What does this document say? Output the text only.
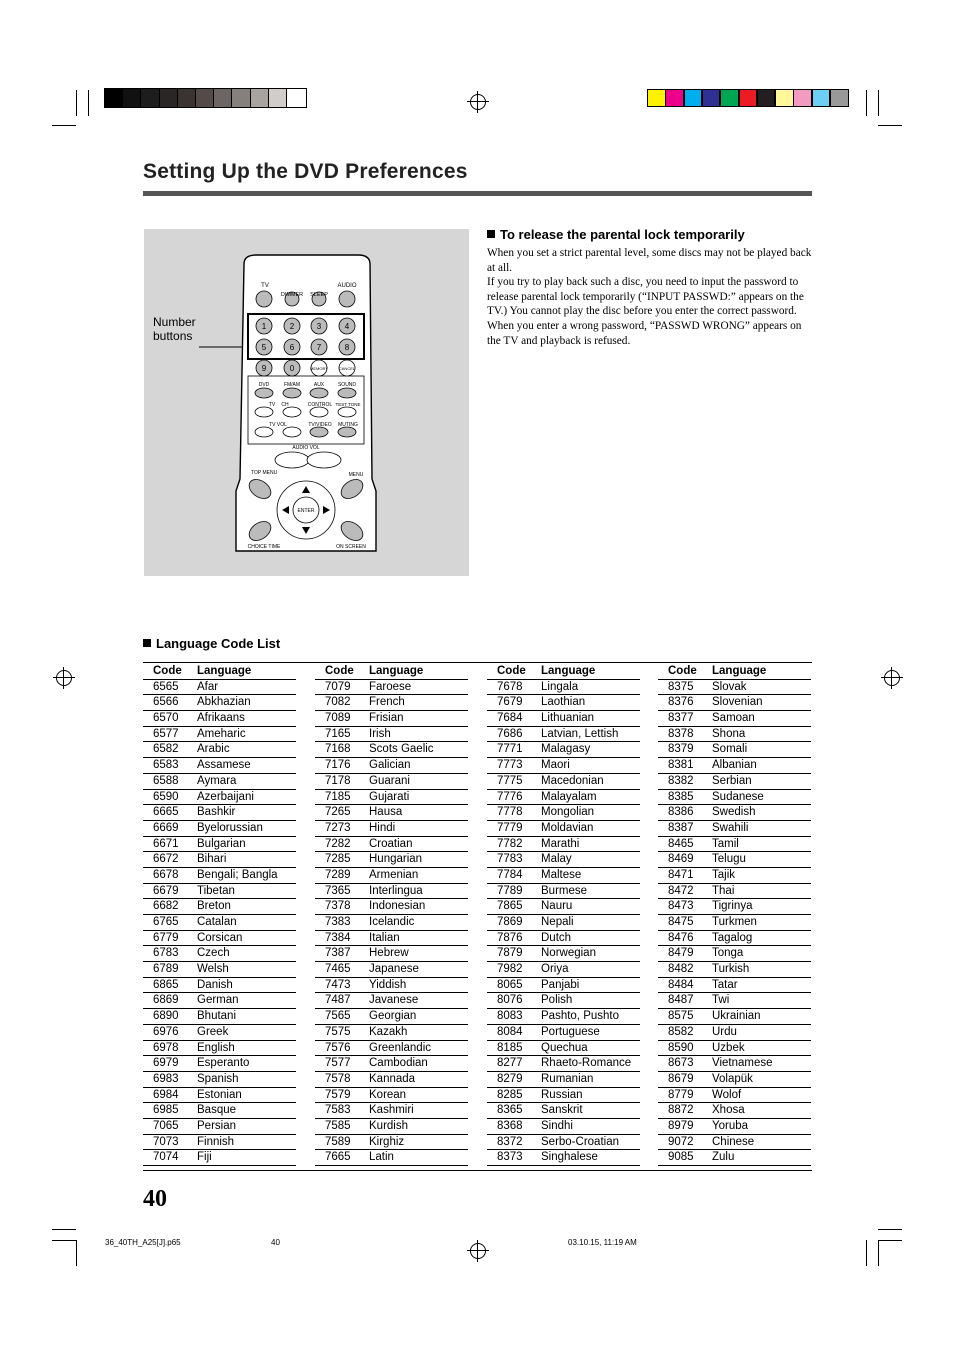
Setting Up the DVD Preferences
Number buttons
TV	AUDIO
DIMMER SLEEP
1	2	3	4
5	6	7	8
9	0	MEMORY	CANCEL
DVD	FM/AM	AUX	SOUND
TV CH	CONTROL TEST TONE
TV VOL	TV/VIDEO MUTING
AUDIO VOL
TOP MENU	MENU
ENTER
CHOICE TIME	ON SCREEN
To release the parental lock temporarily

When you set a strict parental level, some discs may not be played back at all.

If you try to play back such a disc, you need to input the password to release parental lock temporarily (“INPUT PASSWD:” appears on the TV.) You cannot play the disc before you enter the correct password.

When you enter a wrong password, “PASSWD WRONG” appears on the TV and playback is refused.

Language Code List
Code	Language
6565	Afar
6566	Abkhazian
6570	Afrikaans
6577	Ameharic
6582	Arabic
6583	Assamese
6588	Aymara
6590	Azerbaijani
6665	Bashkir
6669	Byelorussian
6671	Bulgarian
6672	Bihari
6678	Bengali; Bangla
6679	Tibetan
6682	Breton
6765	Catalan
6779	Corsican
6783	Czech
6789	Welsh
6865	Danish
6869	German
6890	Bhutani
6976	Greek
6978	English
6979	Esperanto
6983	Spanish
6984	Estonian
6985	Basque
7065	Persian
7073	Finnish
7074	Fiji
Code	Language
7079	Faroese
7082	French
7089	Frisian
7165	Irish
7168	Scots Gaelic
7176	Galician
7178	Guarani
7185	Gujarati
7265	Hausa
7273	Hindi
7282	Croatian
7285	Hungarian
7289	Armenian
7365	Interlingua
7378	Indonesian
7383	Icelandic
7384	Italian
7387	Hebrew
7465	Japanese
7473	Yiddish
7487	Javanese
7565	Georgian
7575	Kazakh
7576	Greenlandic
7577	Cambodian
7578	Kannada
7579	Korean
7583	Kashmiri
7585	Kurdish
7589	Kirghiz
7665	Latin
Code	Language
7678	Lingala
7679	Laothian
7684	Lithuanian
7686	Latvian, Lettish
7771	Malagasy
7773	Maori
7775	Macedonian
7776	Malayalam
7778	Mongolian
7779	Moldavian
7782	Marathi
7783	Malay
7784	Maltese
7789	Burmese
7865	Nauru
7869	Nepali
7876	Dutch
7879	Norwegian
7982	Oriya
8065	Panjabi
8076	Polish
8083	Pashto, Pushto
8084	Portuguese
8185	Quechua
8277	Rhaeto-Romance
8279	Rumanian
8285	Russian
8365	Sanskrit
8368	Sindhi
8372	Serbo-Croatian
8373	Singhalese
Code	Language
8375	Slovak
8376	Slovenian
8377	Samoan
8378	Shona
8379	Somali
8381	Albanian
8382	Serbian
8385	Sudanese
8386	Swedish
8387	Swahili
8465	Tamil
8469	Telugu
8471	Tajik
8472	Thai
8473	Tigrinya
8475	Turkmen
8476	Tagalog
8479	Tonga
8482	Turkish
8484	Tatar
8487	Twi
8575	Ukrainian
8582	Urdu
8590	Uzbek
8673	Vietnamese
8679	Volapük
8779	Wolof
8872	Xhosa
8979	Yoruba
9072	Chinese
9085	Zulu
40
36_40TH_A25[J].p65	40	03.10.15, 11:19 AM
